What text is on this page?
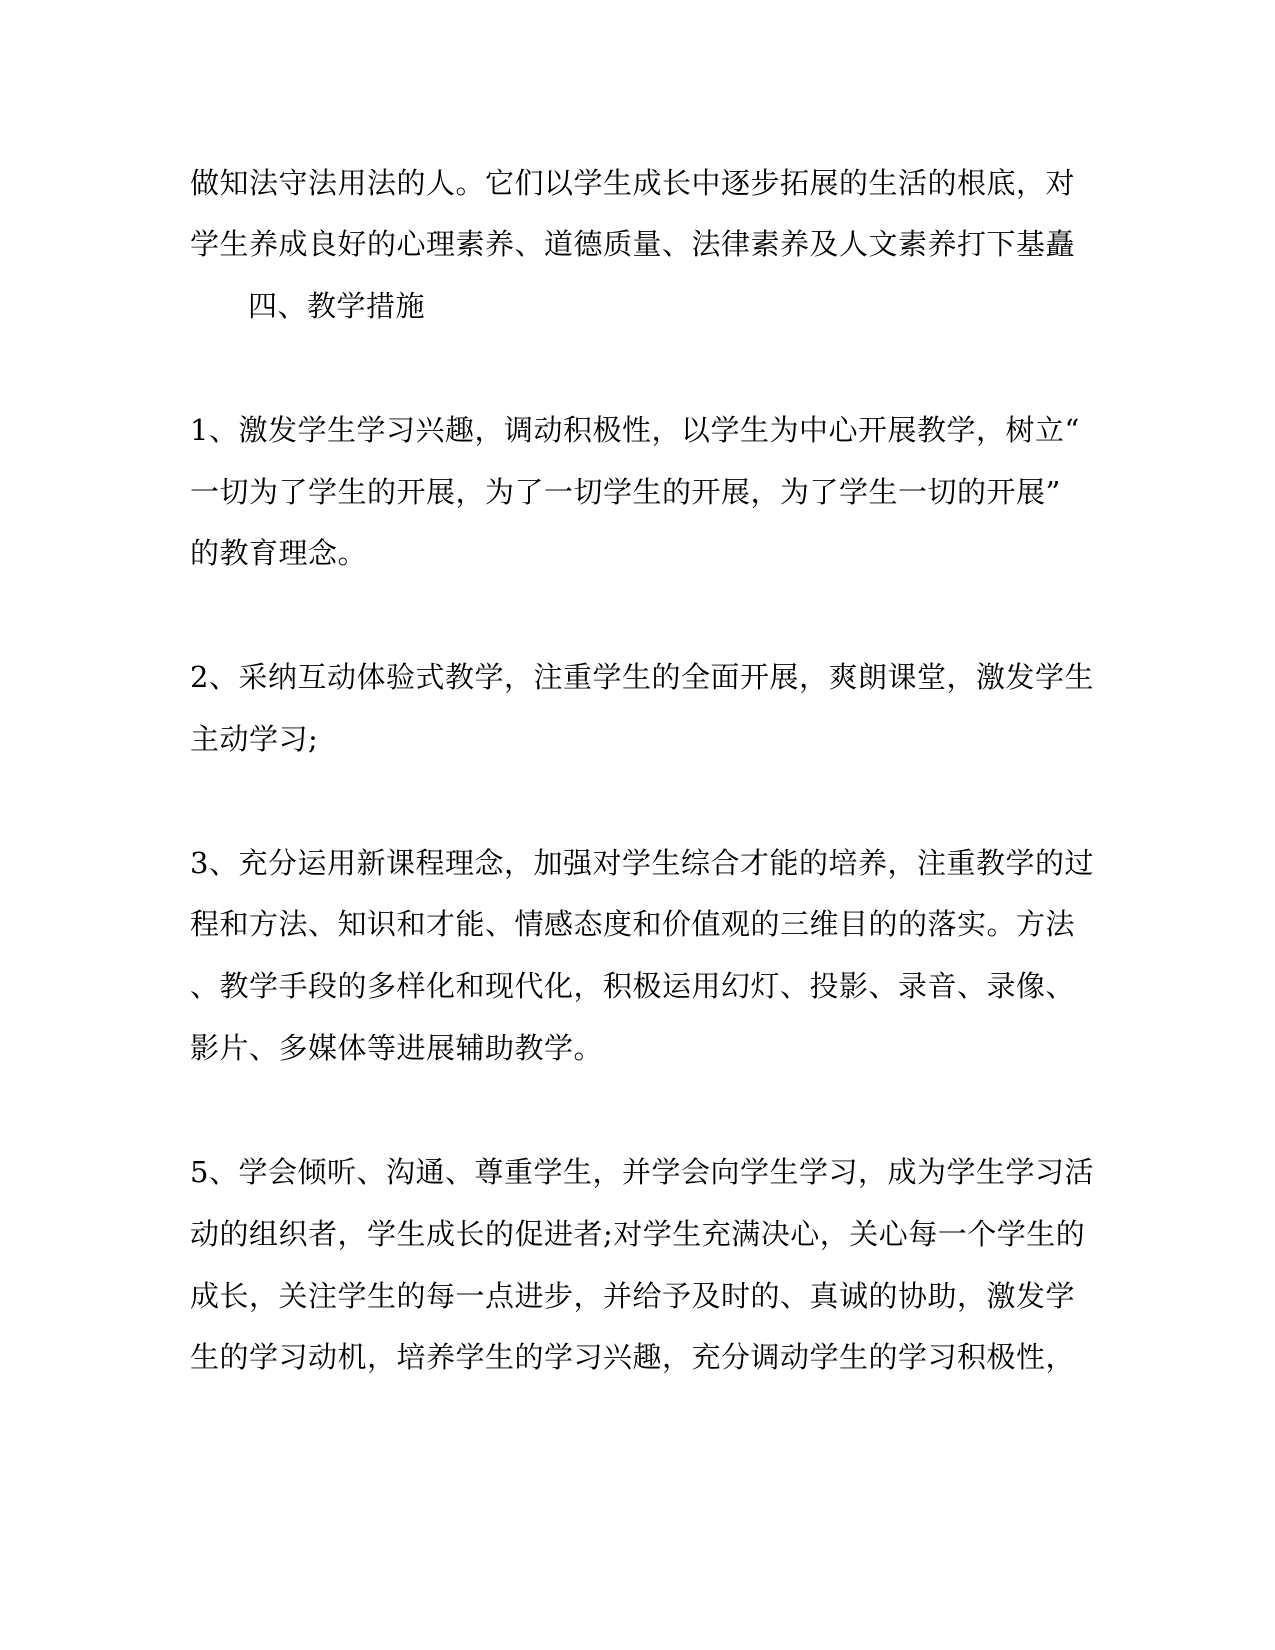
做知法守法用法的人。它们以学生成长中逐步拓展的生活的根底，对
学生养成良好的心理素养、道德质量、法律素养及人文素养打下基矗
四、教学措施
1、激发学生学习兴趣，调动积极性，以学生为中心开展教学，树立“
一切为了学生的开展，为了一切学生的开展，为了学生一切的开展”
的教育理念。
2、采纳互动体验式教学，注重学生的全面开展，爽朗课堂，激发学生
主动学习;
3、充分运用新课程理念，加强对学生综合才能的培养，注重教学的过
程和方法、知识和才能、情感态度和价值观的三维目的的落实。方法
、教学手段的多样化和现代化，积极运用幻灯、投影、录音、录像、
影片、多媒体等进展辅助教学。
5、学会倾听、沟通、尊重学生，并学会向学生学习，成为学生学习活
动的组织者，学生成长的促进者;对学生充满决心，关心每一个学生的
成长，关注学生的每一点进步，并给予及时的、真诚的协助，激发学
生的学习动机，培养学生的学习兴趣，充分调动学生的学习积极性，
